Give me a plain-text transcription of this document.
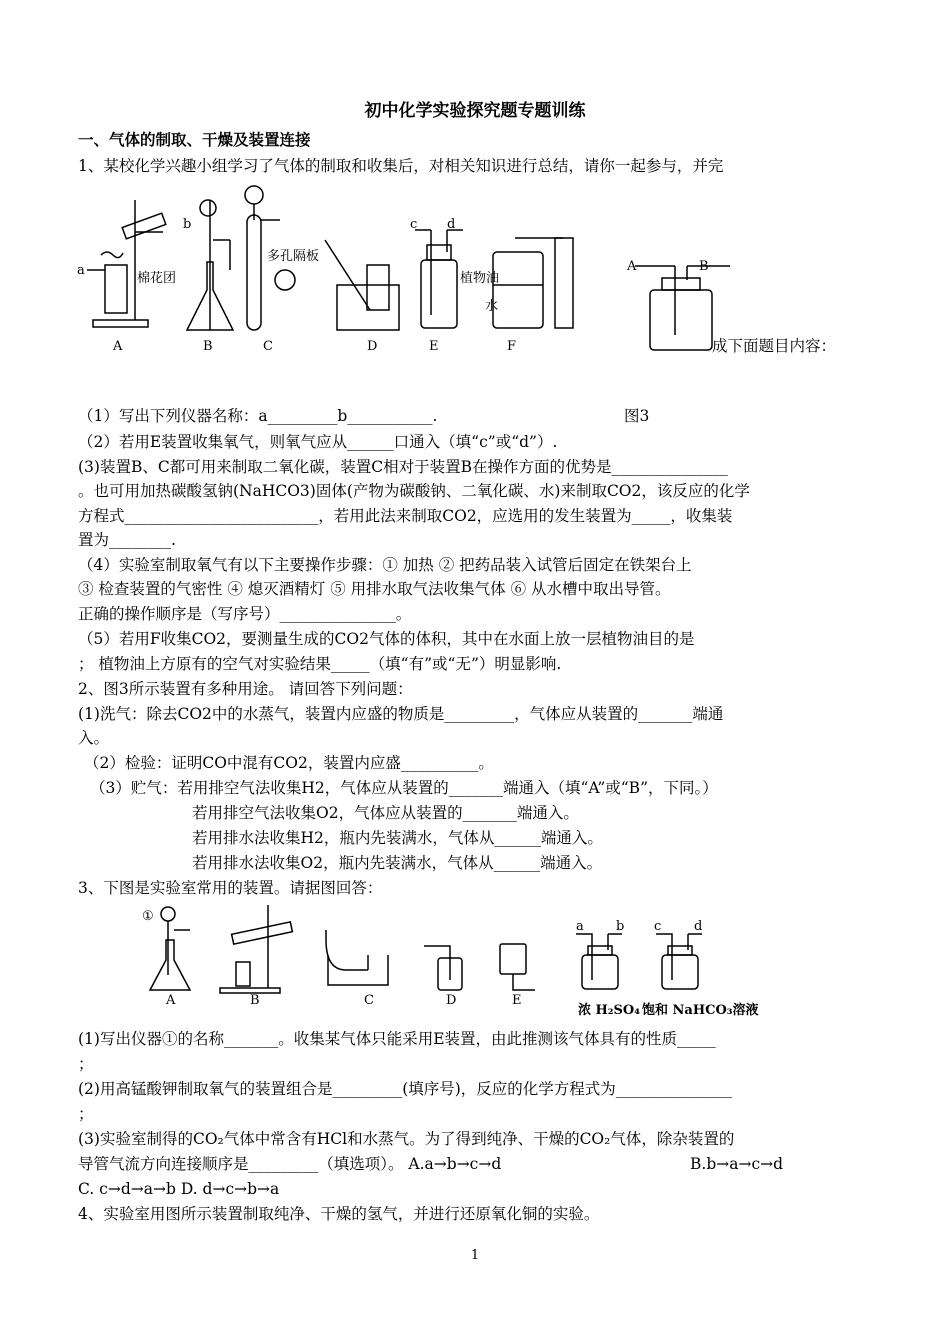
初中化学实验探究题专题训练
一、气体的制取、干燥及装置连接
1、某校化学兴趣小组学习了气体的制取和收集后，对相关知识进行总结，请你一起参与，并完
a
棉花团
b
多孔隔板
c d
植物油
水
A	B	C	D	E	F
A	B
成下面题目内容：
（1）写出下列仪器名称：a_________b___________.	图3
（2）若用E装置收集氧气，则氧气应从______口通入（填“c”或“d”）.
(3)装置B、C都可用来制取二氧化碳，装置C相对于装置B在操作方面的优势是_______________
。也可用加热碳酸氢钠(NaHCO3)固体(产物为碳酸钠、二氧化碳、水)来制取CO2，该反应的化学
方程式_________________________，若用此法来制取CO2，应选用的发生装置为_____，收集装
置为________.
（4）实验室制取氧气有以下主要操作步骤：① 加热 ② 把药品装入试管后固定在铁架台上
③ 检查装置的气密性 ④ 熄灭酒精灯 ⑤ 用排水取气法收集气体 ⑥ 从水槽中取出导管。
正确的操作顺序是（写序号）_______________。
（5）若用F收集CO2，要测量生成的CO2气体的体积，其中在水面上放一层植物油目的是
； 植物油上方原有的空气对实验结果_____（填“有”或“无”）明显影响.
2、图3所示装置有多种用途。 请回答下列问题：
(1)洗气：除去CO2中的水蒸气，装置内应盛的物质是_________，气体应从装置的_______端通
入。
（2）检验：证明CO中混有CO2，装置内应盛__________。
（3）贮气：若用排空气法收集H2，气体应从装置的_______端通入（填“A”或“B”，下同。）
若用排空气法收集O2，气体应从装置的_______端通入。
若用排水法收集H2，瓶内先装满水，气体从______端通入。
若用排水法收集O2，瓶内先装满水，气体从______端通入。
3、下图是实验室常用的装置。请据图回答：
①
A	B	C	D	E
a b c	d
浓 H₂SO₄ 饱和 NaHCO₃溶液
(1)写出仪器①的名称_______。收集某气体只能采用E装置，由此推测该气体具有的性质_____
；
(2)用高锰酸钾制取氧气的装置组合是_________(填序号)，反应的化学方程式为_______________
；
(3)实验室制得的CO₂气体中常含有HCl和水蒸气。为了得到纯净、干燥的CO₂气体，除杂装置的
导管气流方向连接顺序是_________（填选项）。 A.a→b→c→d	B.b→a→c→d
C. c→d→a→b D. d→c→b→a
4、实验室用图所示装置制取纯净、干燥的氢气，并进行还原氧化铜的实验。
1
